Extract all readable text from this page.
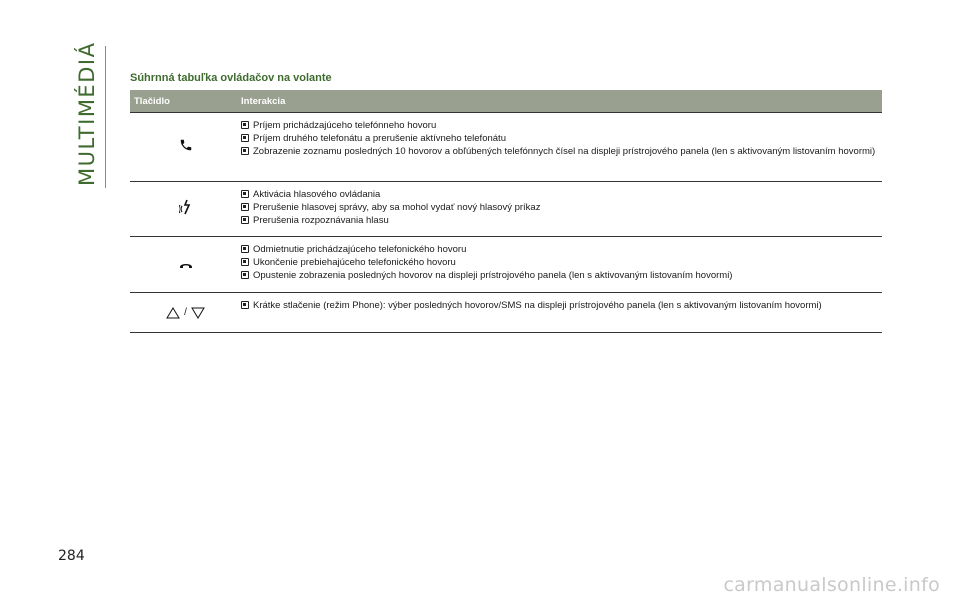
MULTIMÉDIÁ	Súhrnná tabuľka ovládačov na volante
Tlačidlo	Interakcia
Príjem prichádzajúceho telefónneho hovoru
Príjem druhého telefonátu a prerušenie aktívneho telefonátu
Zobrazenie zoznamu posledných 10 hovorov a obľúbených telefónnych čísel na displeji prístrojového panela (len s aktivovaným listovaním hovormi)
Aktivácia hlasového ovládania
Prerušenie hlasovej správy, aby sa mohol vydať nový hlasový príkaz
Prerušenia rozpoznávania hlasu
Odmietnutie prichádzajúceho telefonického hovoru
Ukončenie prebiehajúceho telefonického hovoru
Opustenie zobrazenia posledných hovorov na displeji prístrojového panela (len s aktivovaným listovaním hovormi)
/
Krátke stlačenie (režim Phone): výber posledných hovorov/SMS na displeji prístrojového panela (len s aktivovaným listovaním hovormi)
284
carmanualsonline.info
